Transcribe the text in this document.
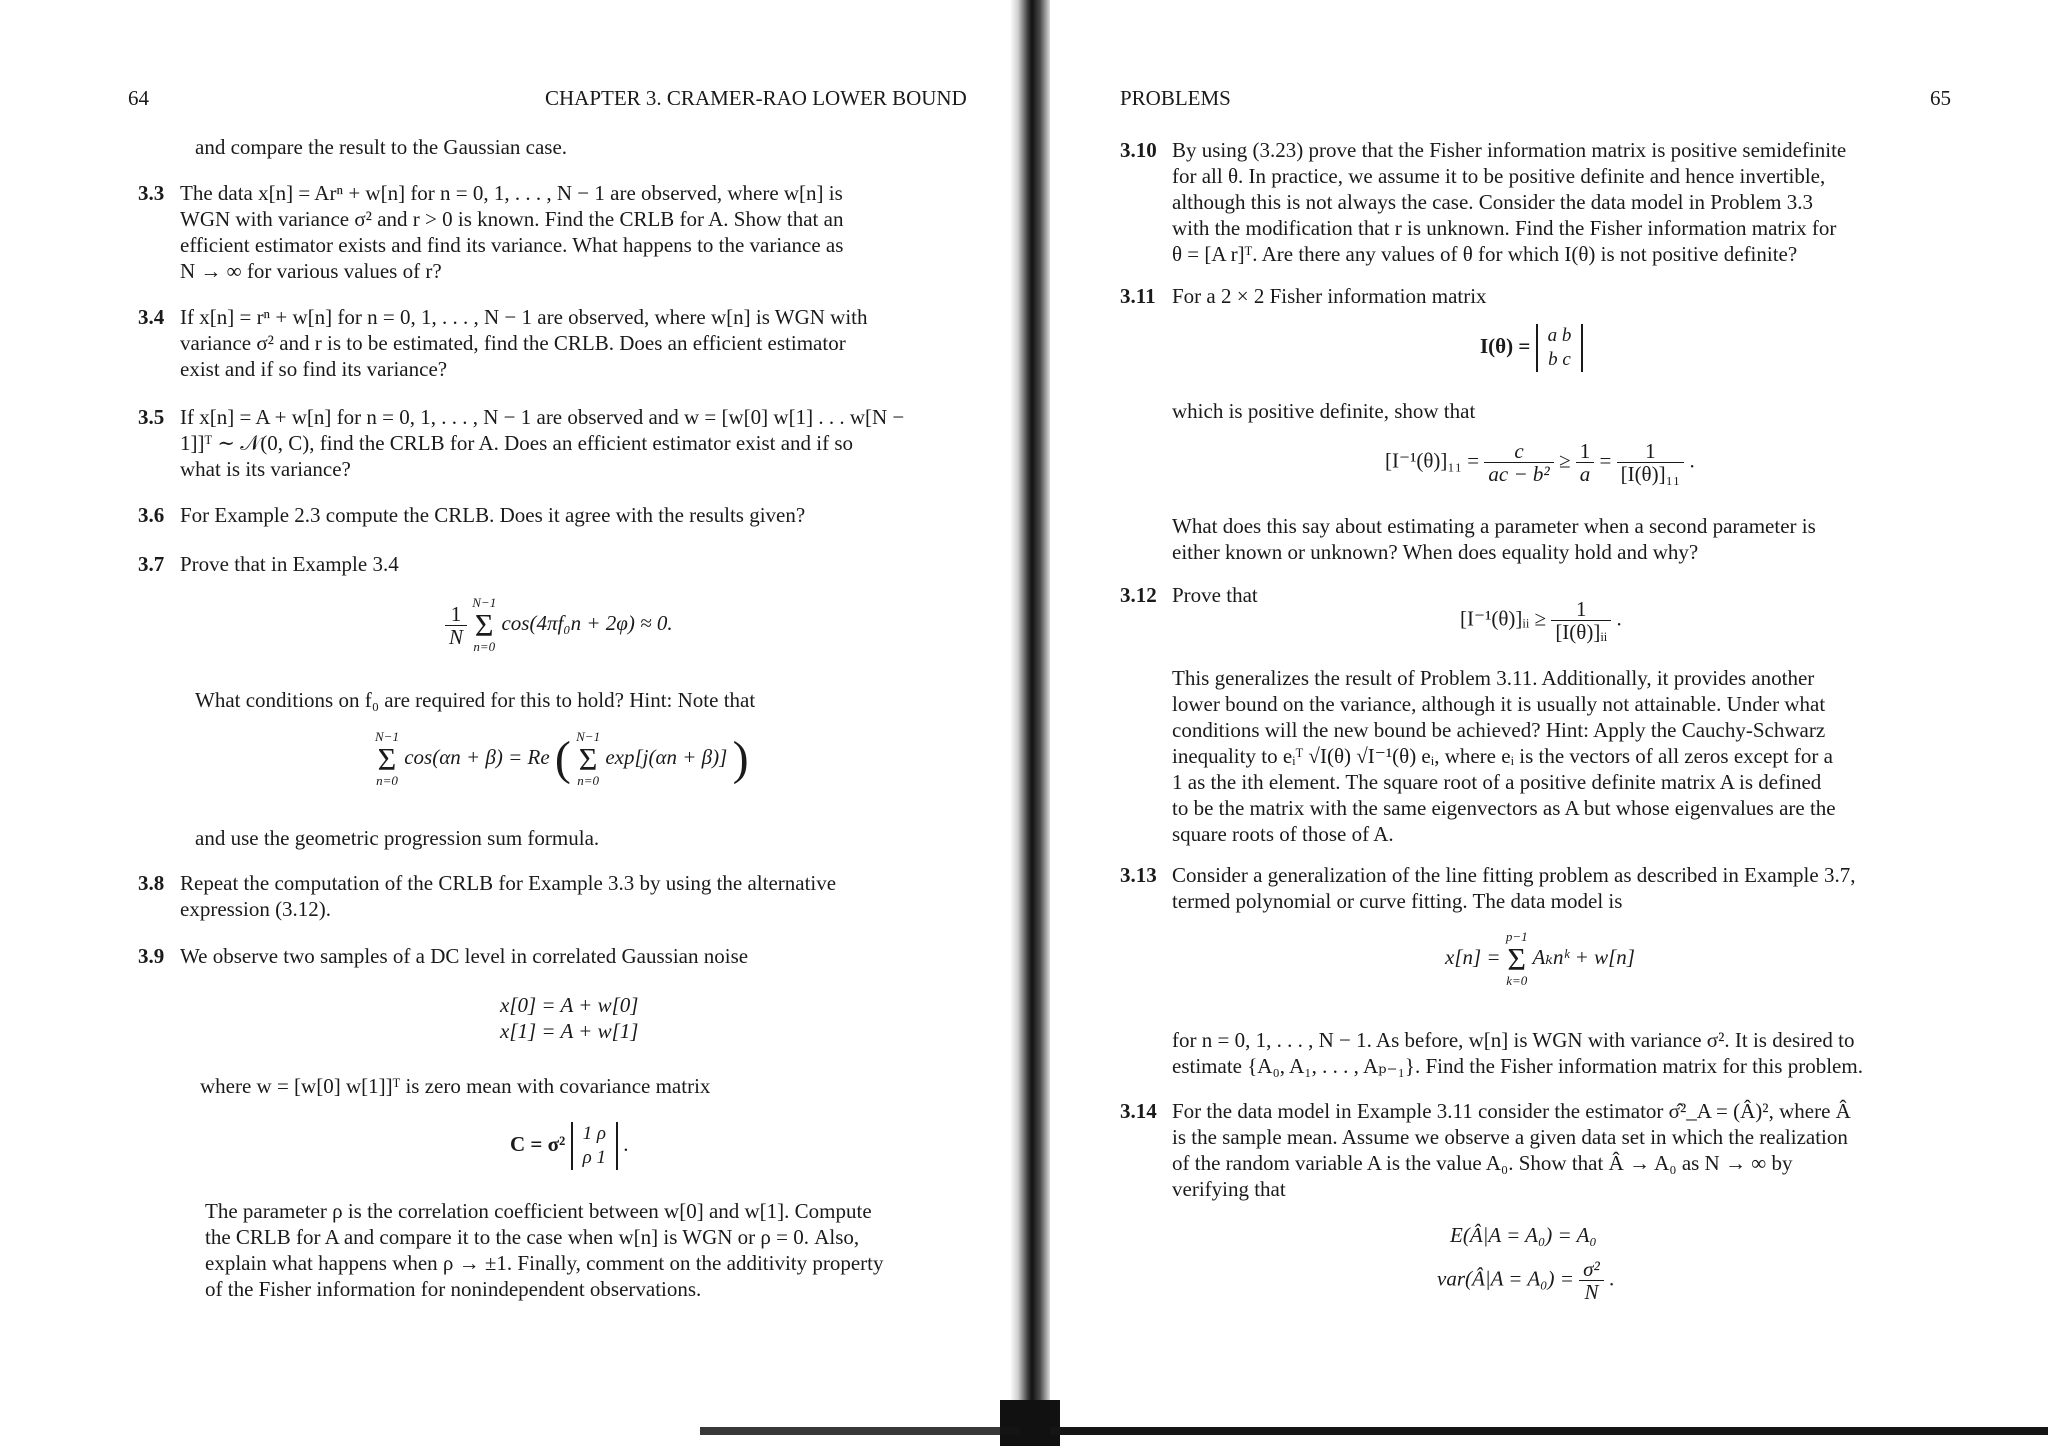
64	CHAPTER 3. CRAMER-RAO LOWER BOUND
and compare the result to the Gaussian case.
3.3 The data x[n] = Arⁿ + w[n] for n = 0, 1, . . . , N − 1 are observed, where w[n] is
WGN with variance σ² and r > 0 is known. Find the CRLB for A. Show that an
efficient estimator exists and find its variance. What happens to the variance as
N → ∞ for various values of r?
3.4 If x[n] = rⁿ + w[n] for n = 0, 1, . . . , N − 1 are observed, where w[n] is WGN with
variance σ² and r is to be estimated, find the CRLB. Does an efficient estimator
exist and if so find its variance?
3.5 If x[n] = A + w[n] for n = 0, 1, . . . , N − 1 are observed and w = [w[0] w[1] . . . w[N −
1]]ᵀ ∼ 𝒩(0, C), find the CRLB for A. Does an efficient estimator exist and if so
what is its variance?
3.6 For Example 2.3 compute the CRLB. Does it agree with the results given?
3.7 Prove that in Example 3.4
$\frac{1}{N} N-1$
Σ
n=0 cos(4πf₀n + 2φ) ≈ 0.
What conditions on f₀ are required for this to hold? Hint: Note that
N−1
Σ
n=0 cos(αn + β) = Re ( N−1
Σ
n=0 exp[j(αn + β)] )
and use the geometric progression sum formula.
3.8 Repeat the computation of the CRLB for Example 3.3 by using the alternative
expression (3.12).
3.9 We observe two samples of a DC level in correlated Gaussian noise
x[0] = A + w[0]
x[1] = A + w[1]
where w = [w[0] w[1]]ᵀ is zero mean with covariance matrix
C = σ² 1 ρ
ρ 1
.
The parameter ρ is the correlation coefficient between w[0] and w[1]. Compute
the CRLB for A and compare it to the case when w[n] is WGN or ρ = 0. Also,
explain what happens when ρ → ±1. Finally, comment on the additivity property
of the Fisher information for nonindependent observations.
PROBLEMS	65
3.10 By using (3.23) prove that the Fisher information matrix is positive semidefinite
for all θ. In practice, we assume it to be positive definite and hence invertible,
although this is not always the case. Consider the data model in Problem 3.3
with the modification that r is unknown. Find the Fisher information matrix for
θ = [A r]ᵀ. Are there any values of θ for which I(θ) is not positive definite?
3.11 For a 2 × 2 Fisher information matrix
I(θ) = a b
b c
which is positive definite, show that
$[I^{-1}(\theta)]_{11} = \frac{c}{\text{ac − b²}} \ge \frac{1}{a} = \frac{1}{\text{[I(θ)]₁₁}}$ .
What does this say about estimating a parameter when a second parameter is
either known or unknown? When does equality hold and why?
3.12 Prove that
[I⁻¹(θ)]ᵢᵢ ≥ $\frac{1}{\text{[I(θ)]ᵢᵢ}}$ .
This generalizes the result of Problem 3.11. Additionally, it provides another
lower bound on the variance, although it is usually not attainable. Under what
conditions will the new bound be achieved? Hint: Apply the Cauchy-Schwarz
inequality to eᵢᵀ √I(θ) √I⁻¹(θ) eᵢ, where eᵢ is the vectors of all zeros except for a
1 as the ith element. The square root of a positive definite matrix A is defined
to be the matrix with the same eigenvectors as A but whose eigenvalues are the
square roots of those of A.
3.13 Consider a generalization of the line fitting problem as described in Example 3.7,
termed polynomial or curve fitting. The data model is
x[n] = p−1
Σ
k=0 Aₖnᵏ + w[n]
for n = 0, 1, . . . , N − 1. As before, w[n] is WGN with variance σ². It is desired to
estimate {A₀, A₁, . . . , Aₚ₋₁}. Find the Fisher information matrix for this problem.
3.14 For the data model in Example 3.11 consider the estimator σ̂²_A = (Â)², where Â
is the sample mean. Assume we observe a given data set in which the realization
of the random variable A is the value A₀. Show that Â → A₀ as N → ∞ by
verifying that
E(Â|A = A₀) = A₀
var(Â|A = $A_0) = \frac{\text{σ²}}{N}$ .
